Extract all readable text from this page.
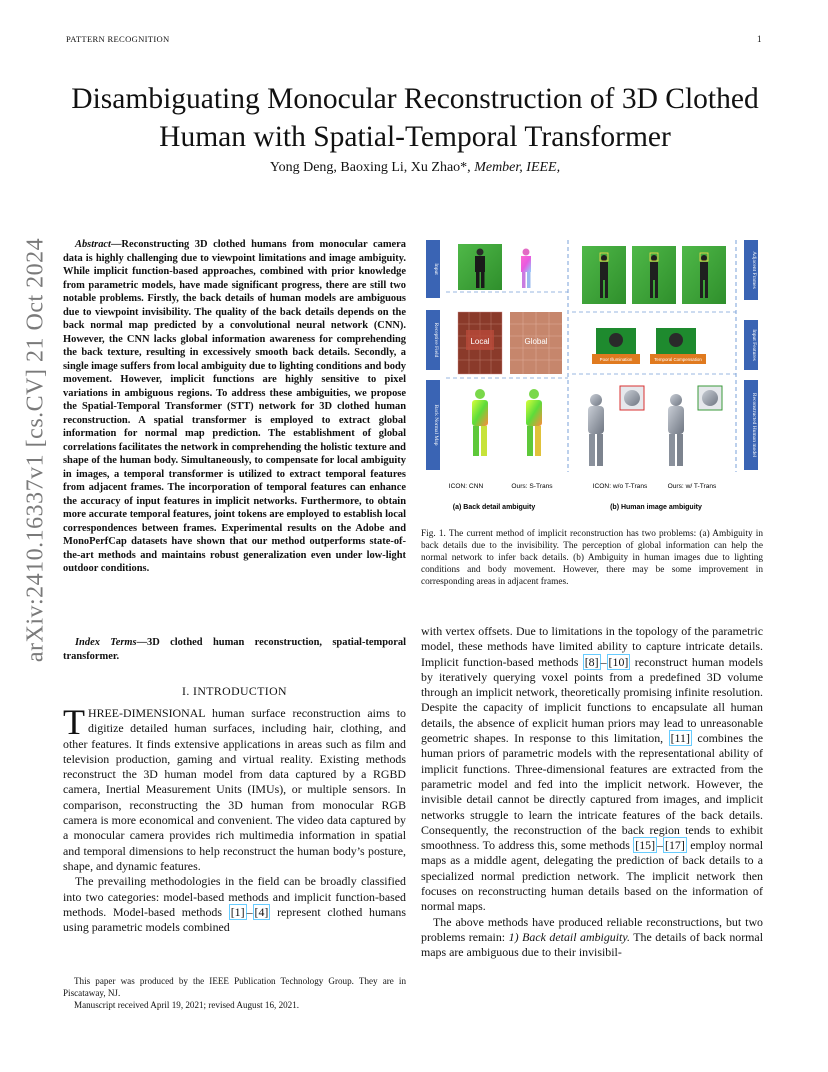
PATTERN RECOGNITION	1
arXiv:2410.16337v1 [cs.CV] 21 Oct 2024
Disambiguating Monocular Reconstruction of 3D Clothed Human with Spatial-Temporal Transformer
Yong Deng, Baoxing Li, Xu Zhao*, Member, IEEE,
Abstract—Reconstructing 3D clothed humans from monocular camera data is highly challenging due to viewpoint limitations and image ambiguity. While implicit function-based approaches, combined with prior knowledge from parametric models, have made significant progress, there are still two notable problems. Firstly, the back details of human models are ambiguous due to viewpoint invisibility. The quality of the back details depends on the back normal map predicted by a convolutional neural network (CNN). However, the CNN lacks global information awareness for comprehending the back texture, resulting in excessively smooth back details. Secondly, a single image suffers from local ambiguity due to lighting conditions and body movement. However, implicit functions are highly sensitive to pixel variations in ambiguous regions. To address these ambiguities, we propose the Spatial-Temporal Transformer (STT) network for 3D clothed human reconstruction. A spatial transformer is employed to extract global information for normal map prediction. The establishment of global correlations facilitates the network in comprehending the holistic texture and shape of the human body. Simultaneously, to compensate for local ambiguity in images, a temporal transformer is utilized to extract temporal features from adjacent frames. The incorporation of temporal features can enhance the accuracy of input features in implicit networks. Furthermore, to obtain more accurate temporal features, joint tokens are employed to establish local correspondences between frames. Experimental results on the Adobe and MonoPerfCap datasets have shown that our method outperforms state-of-the-art methods and maintains robust generalization even under low-light outdoor conditions.
Index Terms—3D clothed human reconstruction, spatial-temporal transformer.
I. INTRODUCTION

THREE-DIMENSIONAL human surface reconstruction aims to digitize detailed human surfaces, including hair, clothing, and other features. It finds extensive applications in areas such as film and television production, gaming and virtual reality. Existing methods reconstruct the 3D human model from data captured by a RGBD camera, Inertial Measurement Units (IMUs), or multiple sensors. In comparison, reconstructing the 3D human from monocular RGB camera is more economical and convenient. The video data captured by a monocular camera provides rich multimedia information in spatial and temporal dimensions to help reconstruct the human body’s posture, shape, and dynamic features.

The prevailing methodologies in the field can be broadly classified into two categories: model-based methods and implicit function-based methods. Model-based methods [1] – [4] represent clothed humans using parametric models combined

This paper was produced by the IEEE Publication Technology Group. They are in Piscataway, NJ.

Manuscript received April 19, 2021; revised August 16, 2021.

Input
Receptive Field
Back Normal Map
Adjacent Frames
Input Features
Reconstructed Human model
Local	Global
Poor Illumination	Temporal Compensation
ICON: CNN	Ours: S-Trans	ICON: w/o T-Trans	Ours: w/ T-Trans
(a) Back detail ambiguity	(b) Human image ambiguity
Fig. 1. The current method of implicit reconstruction has two problems: (a) Ambiguity in back details due to the invisibility. The perception of global information can help the normal network to infer back details. (b) Ambiguity in human images due to lighting conditions and body movement. However, there may be some improvement in corresponding areas in adjacent frames.

with vertex offsets. Due to limitations in the topology of the parametric model, these methods have limited ability to capture intricate details. Implicit function-based methods [8] – [10] reconstruct human models by iteratively querying voxel points from a predefined 3D volume through an implicit network, theoretically promising infinite resolution. Despite the capacity of implicit functions to encapsulate all human details, the absence of explicit human priors may lead to unreasonable geometric shapes. In response to this limitation, [11] combines the human priors of parametric models with the representational ability of implicit functions. Three-dimensional features are extracted from the parametric model and fed into the implicit network. However, the invisible detail cannot be directly captured from images, and implicit networks struggle to learn the intricate features of the back details. Consequently, the reconstruction of the back region tends to exhibit smoothness. To address this, some methods [15] – [17] employ normal maps as a middle agent, delegating the prediction of back details to a specialized normal prediction network. The implicit network then focuses on reconstructing human details based on the information of normal maps.

The above methods have produced reliable reconstructions, but two problems remain: 1) Back detail ambiguity. The details of back normal maps are ambiguous due to their invisibil-
